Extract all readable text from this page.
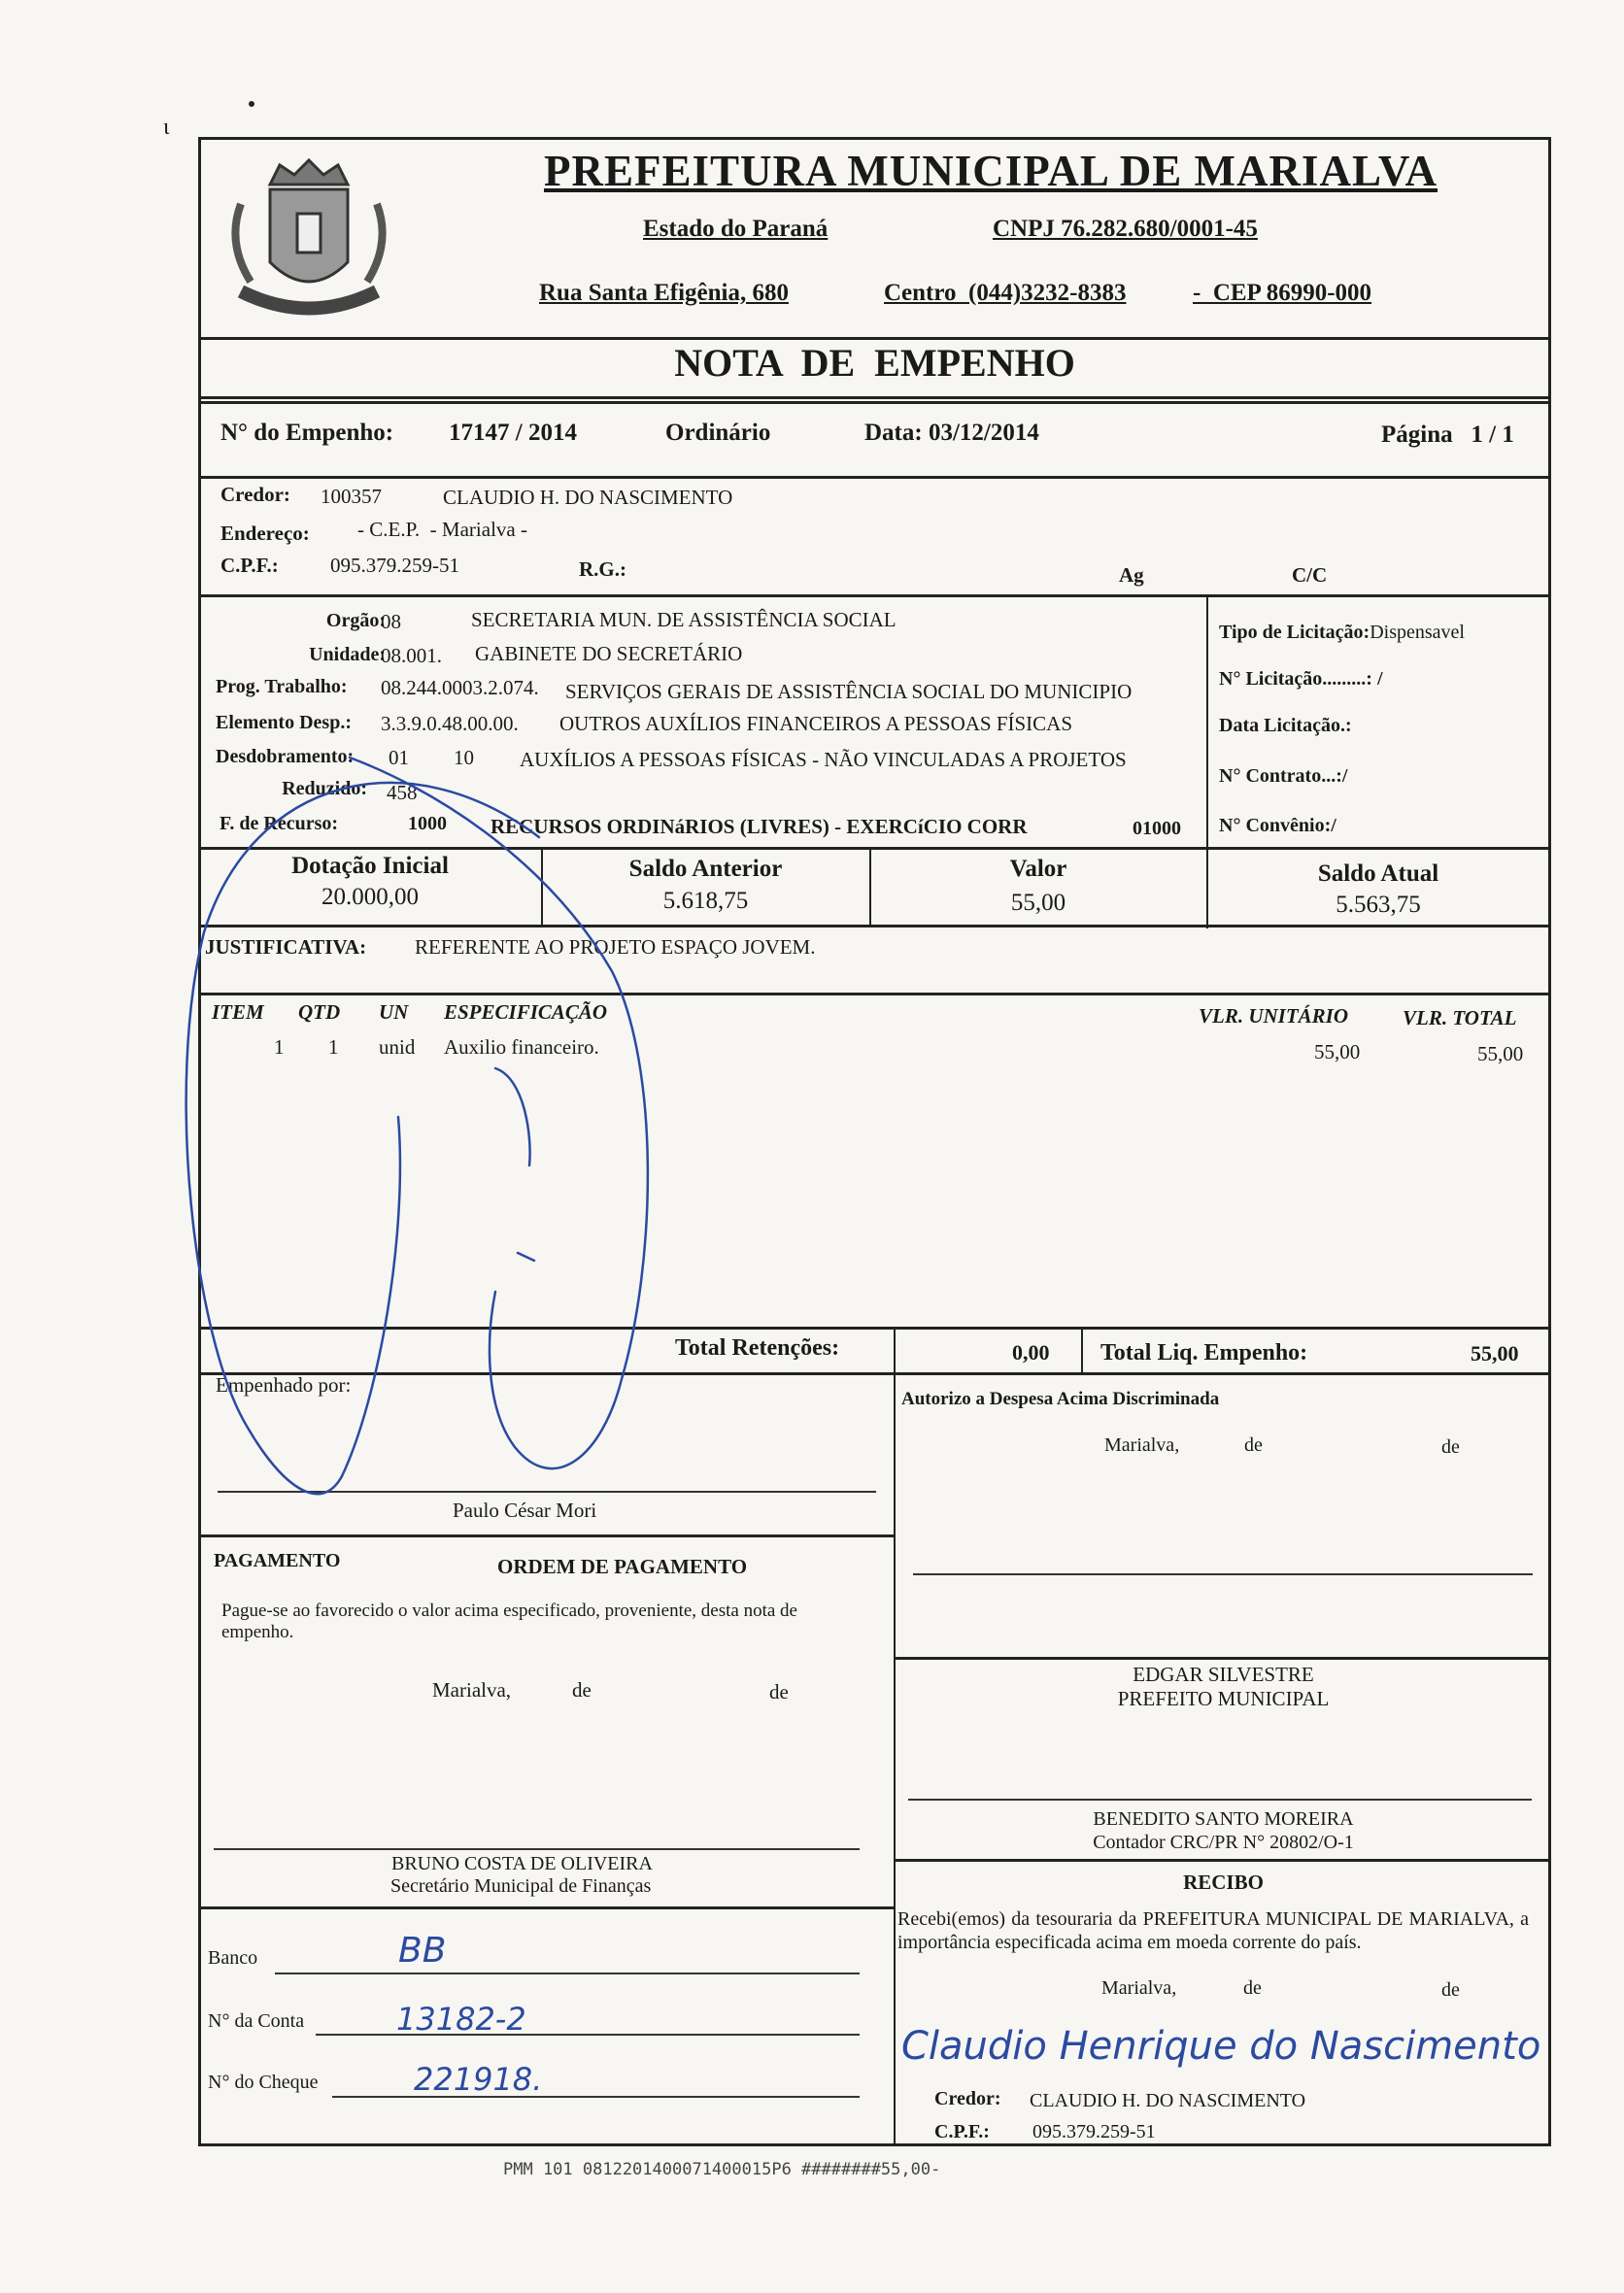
ι
PREFEITURA MUNICIPAL DE MARIALVA
Estado do Paraná	CNPJ 76.282.680/0001-45
Rua Santa Efigênia, 680	Centro  (044)3232-8383	-  CEP 86990-000
NOTA  DE  EMPENHO
N° do Empenho: 17147 / 2014	Ordinário	Data: 03/12/2014	Página   1 / 1
Credor: 100357	CLAUDIO H. DO NASCIMENTO
Endereço: - C.E.P.  - Marialva -
C.P.F.:	095.379.259-51	R.G.:	Ag	C/C
Orgão:
08	SECRETARIA MUN. DE ASSISTÊNCIA SOCIAL
Unidade:
08.001. GABINETE DO SECRETÁRIO
Prog. Trabalho: 08.244.0003.2.074. SERVIÇOS GERAIS DE ASSISTÊNCIA SOCIAL DO MUNICIPIO
Elemento Desp.: 3.3.9.0.48.00.00. OUTROS AUXÍLIOS FINANCEIROS A PESSOAS FÍSICAS
Desdobramento: 01 10 AUXÍLIOS A PESSOAS FÍSICAS - NÃO VINCULADAS A PROJETOS
Reduzido: 458
F. de Recurso:	1000 RECURSOS ORDINáRIOS (LIVRES) - EXERCíCIO CORR	01000
Tipo de Licitação:Dispensavel
N° Licitação.........: /
Data Licitação.:
N° Contrato...:/
N° Convênio:/
Dotação Inicial
20.000,00
Saldo Anterior
5.618,75
Valor
55,00
Saldo Atual
5.563,75
JUSTIFICATIVA: REFERENTE AO PROJETO ESPAÇO JOVEM.
ITEM QTD UN ESPECIFICAÇÃO	VLR. UNITÁRIO	VLR. TOTAL
1 1 unid Auxilio financeiro.	55,00	55,00
Total Retenções:	0,00 Total Liq. Empenho:	55,00
Empenhado por:
Paulo César Mori
Autorizo a Despesa Acima Discriminada
Marialva,	de	de
EDGAR SILVESTRE
PREFEITO MUNICIPAL
PAGAMENTO	ORDEM DE PAGAMENTO
Pague-se ao favorecido o valor acima especificado, proveniente, desta nota de empenho.
Marialva,	de	de
BRUNO COSTA DE OLIVEIRA
Secretário Municipal de Finanças
BENEDITO SANTO MOREIRA
Contador CRC/PR N° 20802/O-1
RECIBO
Recebi(emos) da tesouraria da PREFEITURA MUNICIPAL DE MARIALVA, a importância especificada acima em moeda corrente do país.
Marialva,	de	de
Claudio Henrique do Nascimento
Credor: CLAUDIO H. DO NASCIMENTO
C.P.F.: 095.379.259-51
Banco	BB
N° da Conta	13182-2
N° do Cheque	221918.
PMM 101 0812201400071400015P6 ########55,00-
